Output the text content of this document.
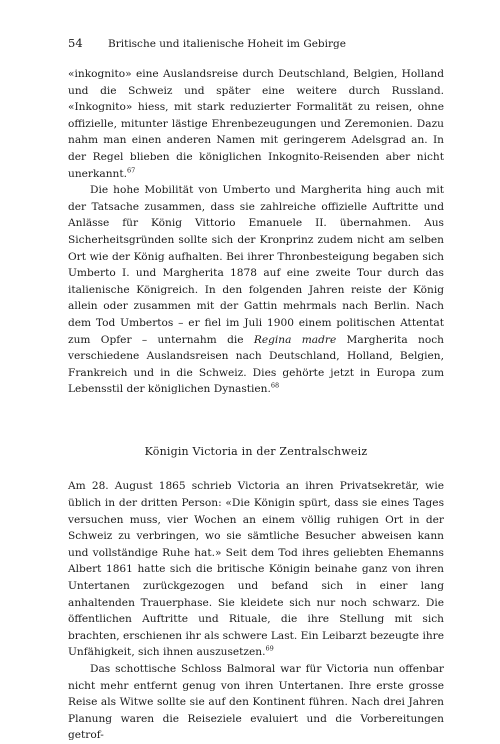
54	Britische und italienische Hoheit im Gebirge

«inkognito» eine Auslandsreise durch Deutschland, Belgien, Holland und die Schweiz und später eine weitere durch Russland. «Inkognito» hiess, mit stark reduzierter Formalität zu reisen, ohne offizielle, mitunter lästige Ehrenbezeugungen und Zeremonien. Dazu nahm man einen anderen Namen mit geringerem Adelsgrad an. In der Regel blieben die königlichen Inkognito-Reisenden aber nicht unerkannt.$^{67}$

Die hohe Mobilität von Umberto und Margherita hing auch mit der Tatsache zusammen, dass sie zahlreiche offizielle Auftritte und Anlässe für König Vittorio Emanuele II. übernahmen. Aus Sicherheitsgründen sollte sich der Kronprinz zudem nicht am selben Ort wie der König aufhalten. Bei ihrer Thronbesteigung begaben sich Umberto I. und Margherita 1878 auf eine zweite Tour durch das italienische Königreich. In den folgenden Jahren reiste der König allein oder zusammen mit der Gattin mehrmals nach Berlin. Nach dem Tod Umbertos – er fiel im Juli 1900 einem politischen Attentat zum Opfer – unternahm die Regina madre Margherita noch verschiedene Auslandsreisen nach Deutschland, Holland, Belgien, Frankreich und in die Schweiz. Dies gehörte jetzt in Europa zum Lebensstil der königlichen Dynastien.$^{68}$

Königin Victoria in der Zentralschweiz

Am 28. August 1865 schrieb Victoria an ihren Privatsekretär, wie üblich in der dritten Person: «Die Königin spürt, dass sie eines Tages versuchen muss, vier Wochen an einem völlig ruhigen Ort in der Schweiz zu verbringen, wo sie sämtliche Besucher abweisen kann und vollständige Ruhe hat.» Seit dem Tod ihres geliebten Ehemanns Albert 1861 hatte sich die britische Königin beinahe ganz von ihren Untertanen zurückgezogen und befand sich in einer lang anhaltenden Trauerphase. Sie kleidete sich nur noch schwarz. Die öffentlichen Auftritte und Rituale, die ihre Stellung mit sich brachten, erschienen ihr als schwere Last. Ein Leibarzt bezeugte ihre Unfähigkeit, sich ihnen auszusetzen.$^{69}$

Das schottische Schloss Balmoral war für Victoria nun offenbar nicht mehr entfernt genug von ihren Untertanen. Ihre erste grosse Reise als Witwe sollte sie auf den Kontinent führen. Nach drei Jahren Planung waren die Reiseziele evaluiert und die Vorbereitungen getrof-
